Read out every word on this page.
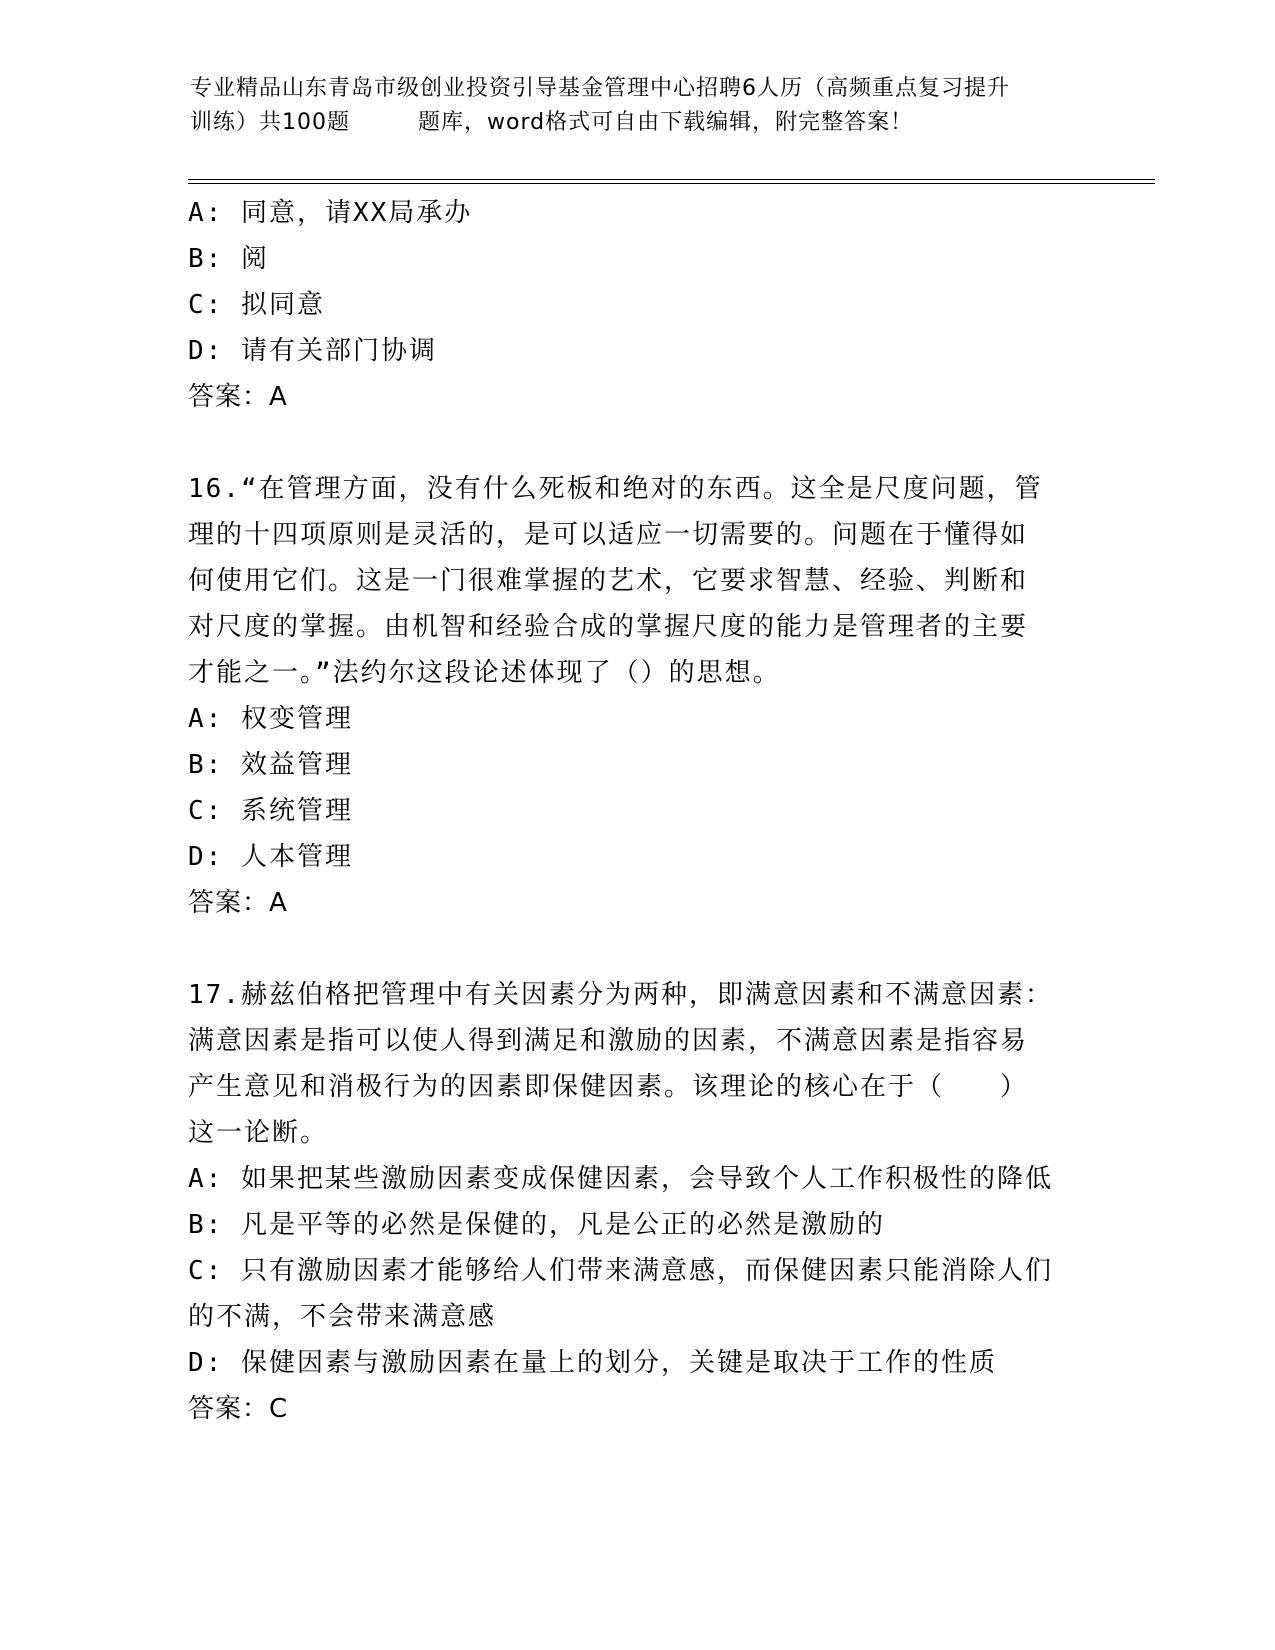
专业精品山东青岛市级创业投资引导基金管理中心招聘6人历（高频重点复习提升
训练）共100题	题库，word格式可自由下载编辑，附完整答案！
A: 同意，请XX局承办
B: 阅
C: 拟同意
D: 请有关部门协调
答案：A
16.“在管理方面，没有什么死板和绝对的东西。这全是尺度问题，管
理的十四项原则是灵活的，是可以适应一切需要的。问题在于懂得如
何使用它们。这是一门很难掌握的艺术，它要求智慧、经验、判断和
对尺度的掌握。由机智和经验合成的掌握尺度的能力是管理者的主要
才能之一。”法约尔这段论述体现了（）的思想。
A: 权变管理
B: 效益管理
C: 系统管理
D: 人本管理
答案：A
17.赫兹伯格把管理中有关因素分为两种，即满意因素和不满意因素：
满意因素是指可以使人得到满足和激励的因素，不满意因素是指容易
产生意见和消极行为的因素即保健因素。该理论的核心在于（　　）
这一论断。
A: 如果把某些激励因素变成保健因素，会导致个人工作积极性的降低
B: 凡是平等的必然是保健的，凡是公正的必然是激励的
C: 只有激励因素才能够给人们带来满意感，而保健因素只能消除人们
的不满，不会带来满意感
D: 保健因素与激励因素在量上的划分，关键是取决于工作的性质
答案：C
